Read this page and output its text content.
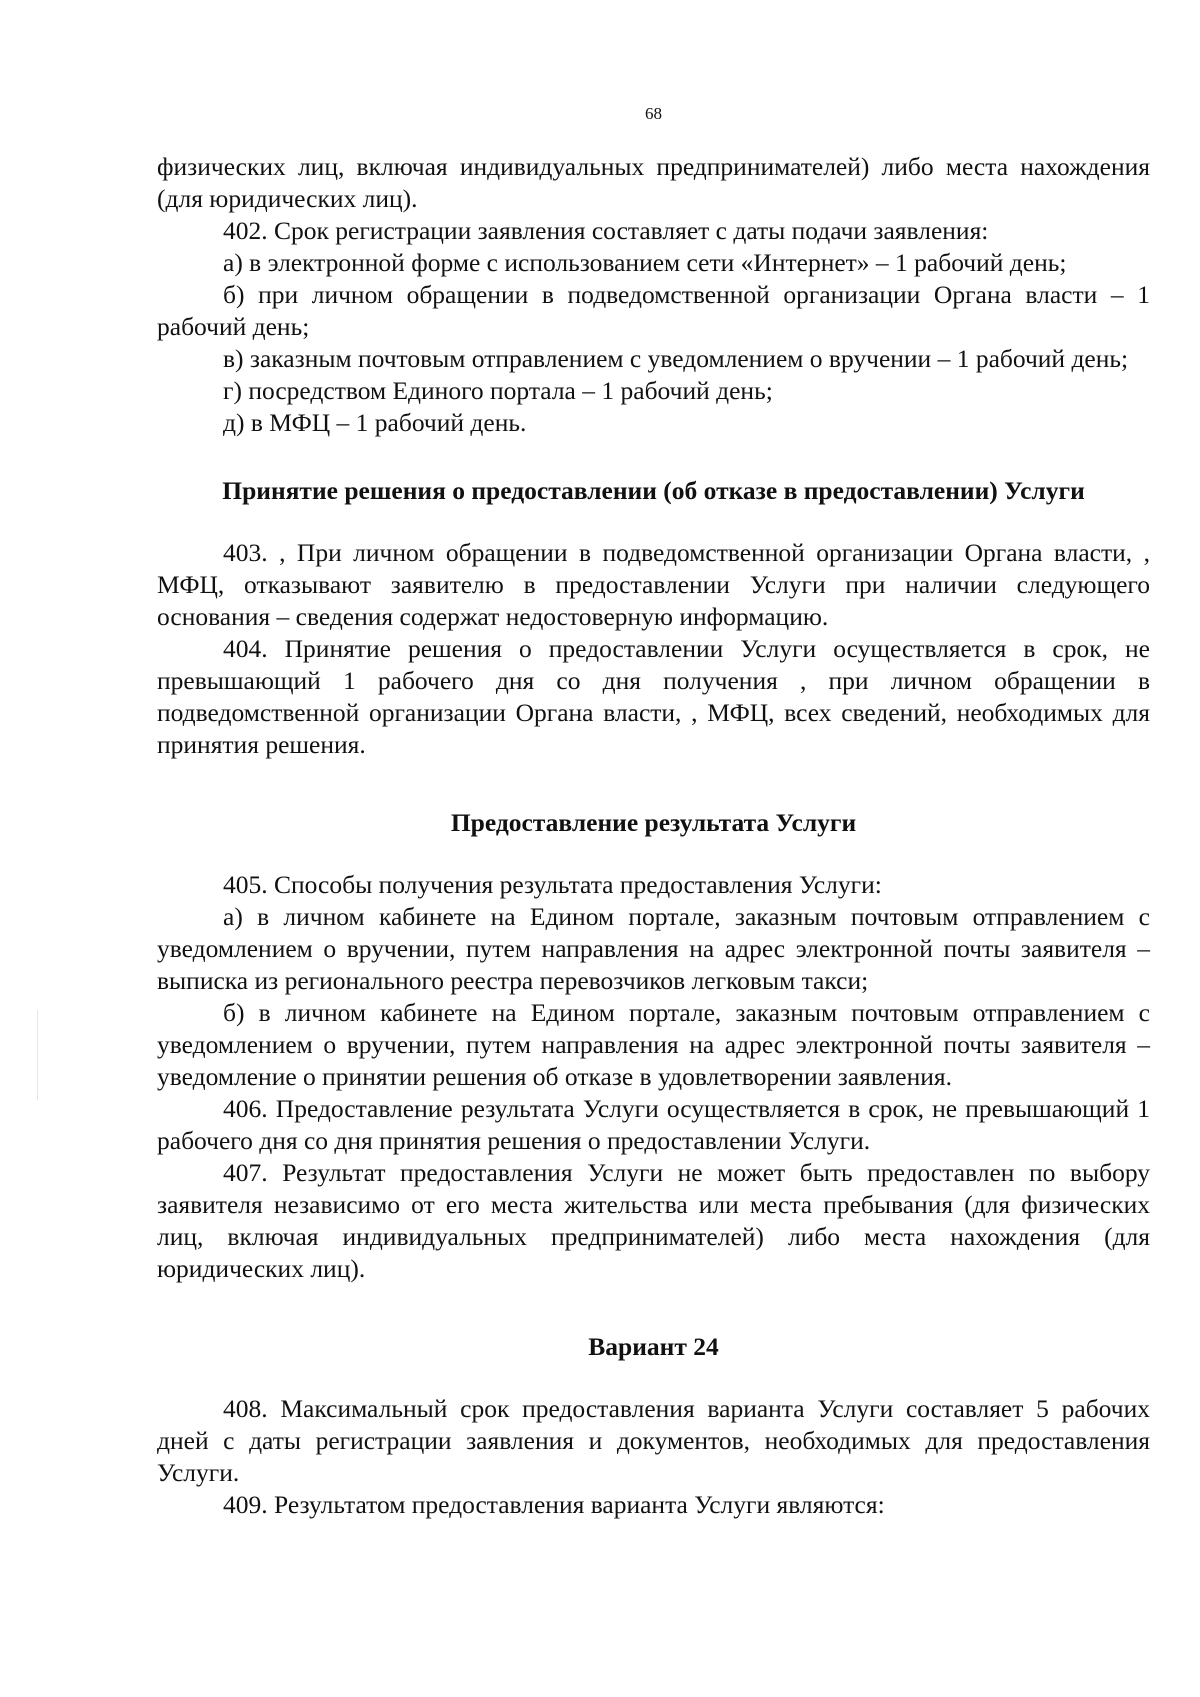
68

физических лиц, включая индивидуальных предпринимателей) либо места нахождения (для юридических лиц).

402. Срок регистрации заявления составляет с даты подачи заявления:

а) в электронной форме с использованием сети «Интернет» – 1 рабочий день;

б) при личном обращении в подведомственной организации Органа власти – 1 рабочий день;

в) заказным почтовым отправлением с уведомлением о вручении – 1 рабочий день;

г) посредством Единого портала – 1 рабочий день;

д) в МФЦ – 1 рабочий день.

Принятие решения о предоставлении (об отказе в предоставлении) Услуги

403. , При личном обращении в подведомственной организации Органа власти, , МФЦ, отказывают заявителю в предоставлении Услуги при наличии следующего основания – сведения содержат недостоверную информацию.

404. Принятие решения о предоставлении Услуги осуществляется в срок, не превышающий 1 рабочего дня со дня получения , при личном обращении в подведомственной организации Органа власти, , МФЦ, всех сведений, необходимых для принятия решения.

Предоставление результата Услуги

405. Способы получения результата предоставления Услуги:

а) в личном кабинете на Едином портале, заказным почтовым отправлением с уведомлением о вручении, путем направления на адрес электронной почты заявителя – выписка из регионального реестра перевозчиков легковым такси;

б) в личном кабинете на Едином портале, заказным почтовым отправлением с уведомлением о вручении, путем направления на адрес электронной почты заявителя – уведомление о принятии решения об отказе в удовлетворении заявления.

406. Предоставление результата Услуги осуществляется в срок, не превышающий 1 рабочего дня со дня принятия решения о предоставлении Услуги.

407. Результат предоставления Услуги не может быть предоставлен по выбору заявителя независимо от его места жительства или места пребывания (для физических лиц, включая индивидуальных предпринимателей) либо места нахождения (для юридических лиц).

Вариант 24

408. Максимальный срок предоставления варианта Услуги составляет 5 рабочих дней с даты регистрации заявления и документов, необходимых для предоставления Услуги.

409. Результатом предоставления варианта Услуги являются:
